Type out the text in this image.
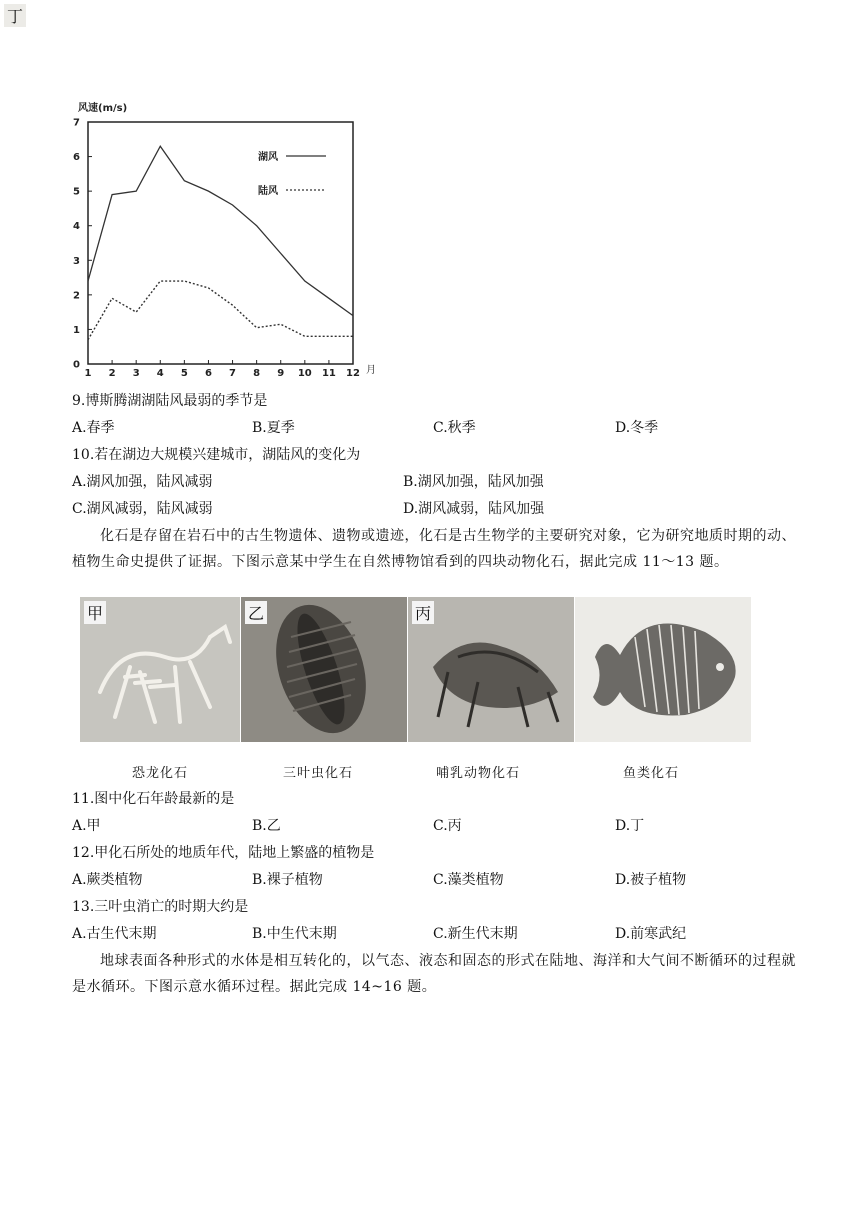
风速(m/s)
0
1
2
3
4
5
6
7
1 2 3 4 5 6 7 8 9 10 11 12 月
湖风
陆风
9.博斯腾湖湖陆风最弱的季节是
A.春季	B.夏季	C.秋季	D.冬季
10.若在湖边大规模兴建城市，湖陆风的变化为
A.湖风加强，陆风减弱	B.湖风加强，陆风加强
C.湖风减弱，陆风减弱	D.湖风减弱，陆风加强
化石是存留在岩石中的古生物遗体、遗物或遗迹，化石是古生物学的主要研究对象，它为研究地质时期的动、植物生命史提供了证据。下图示意某中学生在自然博物馆看到的四块动物化石，据此完成 11～13 题。
甲	乙	丙
丁
恐龙化石	三叶虫化石	哺乳动物化石	鱼类化石
11.图中化石年龄最新的是
A.甲	B.乙	C.丙	D.丁
12.甲化石所处的地质年代，陆地上繁盛的植物是
A.蕨类植物	B.裸子植物	C.藻类植物	D.被子植物
13.三叶虫消亡的时期大约是
A.古生代末期	B.中生代末期	C.新生代末期	D.前寒武纪
地球表面各种形式的水体是相互转化的，以气态、液态和固态的形式在陆地、海洋和大气间不断循环的过程就是水循环。下图示意水循环过程。据此完成 14~16 题。
